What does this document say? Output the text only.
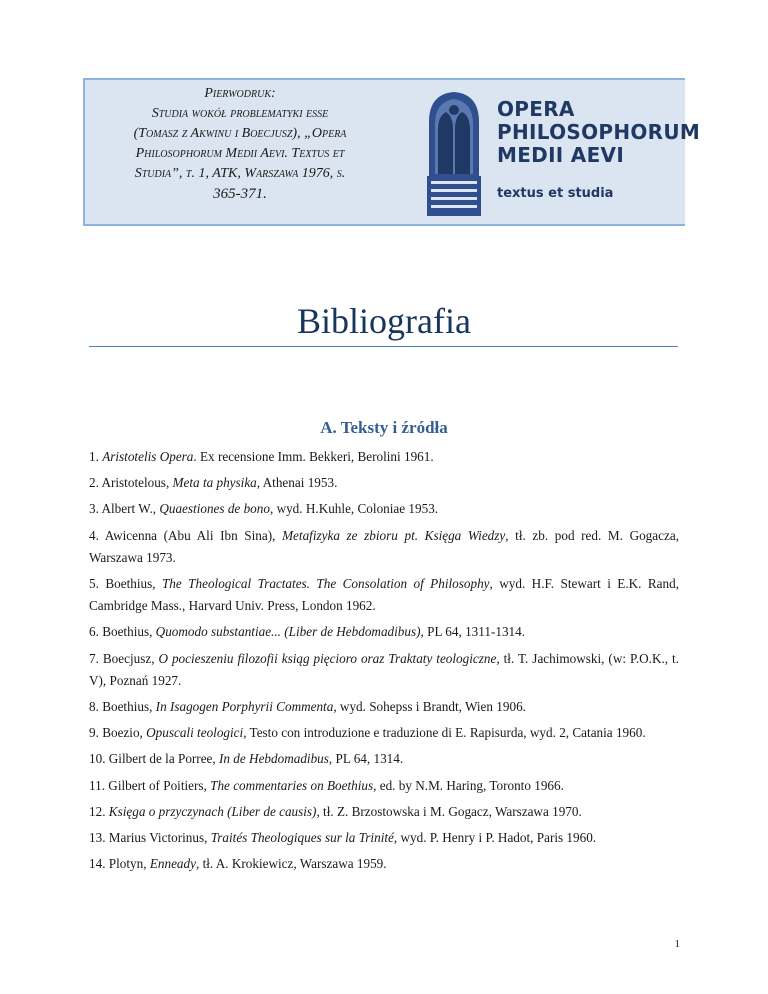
Pierwodruk:
Studia wokół problematyki esse
(Tomasz z Akwinu i Boecjusz), „Opera
Philosophorum Medii Aevi. Textus et
Studia”, t. 1, ATK, Warszawa 1976, s.
365-371.
OPERA
PHILOSOPHORUM
MEDII AEVI
textus et studia
Bibliografia
A. Teksty i źródła
1. Aristotelis Opera. Ex recensione Imm. Bekkeri, Berolini 1961.
2. Aristotelous, Meta ta physika, Athenai 1953.
3. Albert W., Quaestiones de bono, wyd. H.Kuhle, Coloniae 1953.
4. Awicenna (Abu Ali Ibn Sina), Metafizyka ze zbioru pt. Księga Wiedzy, tł. zb. pod red. M. Gogacza, Warszawa 1973.
5. Boethius, The Theological Tractates. The Consolation of Philosophy, wyd. H.F. Stewart i E.K. Rand, Cambridge Mass., Harvard Univ. Press, London 1962.
6. Boethius, Quomodo substantiae... (Liber de Hebdomadibus), PL 64, 1311-1314.
7. Boecjusz, O pocieszeniu filozofii ksiąg pięcioro oraz Traktaty teologiczne, tł. T. Jachimowski, (w: P.O.K., t. V), Poznań 1927.
8. Boethius, In Isagogen Porphyrii Commenta, wyd. Sohepss i Brandt, Wien 1906.
9. Boezio, Opuscali teologici, Testo con introduzione e traduzione di E. Rapisurda, wyd. 2, Catania 1960.
10. Gilbert de la Porree, In de Hebdomadibus, PL 64, 1314.
11. Gilbert of Poitiers, The commentaries on Boethius, ed. by N.M. Haring, Toronto 1966.
12. Księga o przyczynach (Liber de causis), tł. Z. Brzostowska i M. Gogacz, Warszawa 1970.
13. Marius Victorinus, Traités Theologiques sur la Trinité, wyd. P. Henry i P. Hadot, Paris 1960.
14. Plotyn, Enneady, tł. A. Krokiewicz, Warszawa 1959.
1
